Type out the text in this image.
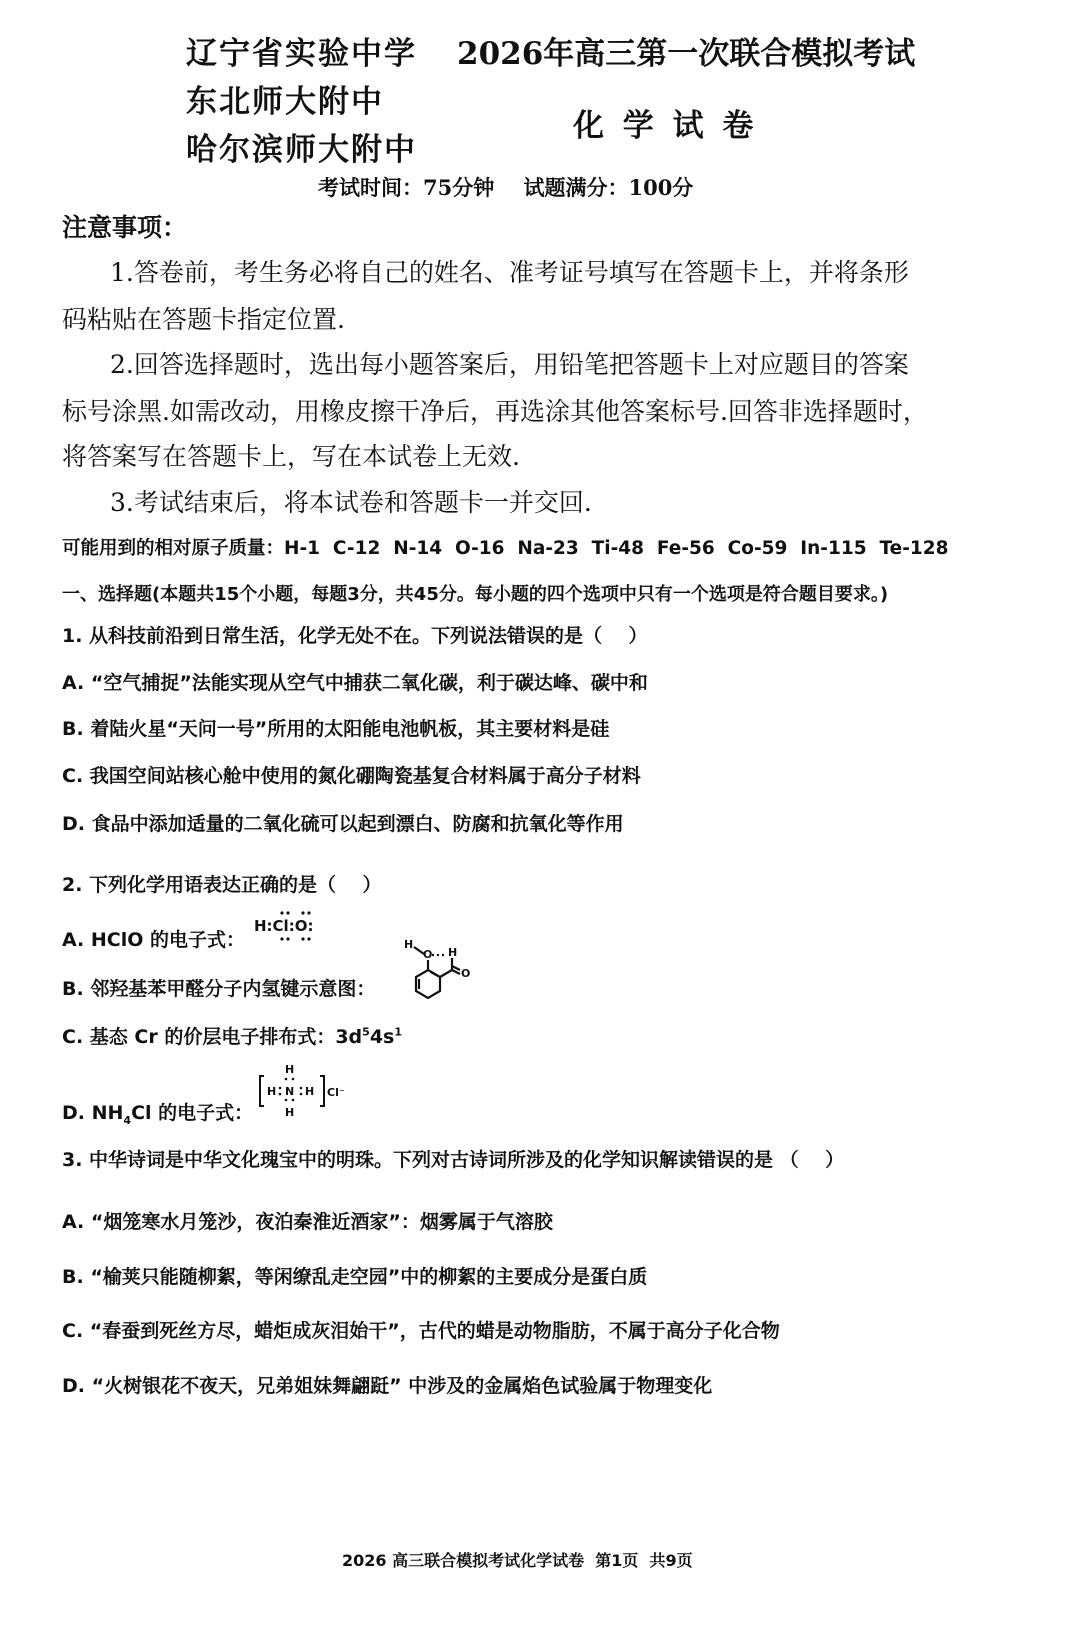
辽宁省实验中学
东北师大附中
哈尔滨师大附中
2026年高三第一次联合模拟考试
化 学 试 卷
考试时间：75分钟    试题满分：100分
注意事项：
1.答卷前，考生务必将自己的姓名、准考证号填写在答题卡上，并将条形
码粘贴在答题卡指定位置.
2.回答选择题时，选出每小题答案后，用铅笔把答题卡上对应题目的答案
标号涂黑.如需改动，用橡皮擦干净后，再选涂其他答案标号.回答非选择题时，
将答案写在答题卡上，写在本试卷上无效.
3.考试结束后，将本试卷和答题卡一并交回.
可能用到的相对原子质量：H-1  C-12  N-14  O-16  Na-23  Ti-48  Fe-56  Co-59  In-115  Te-128
一、选择题(本题共15个小题，每题3分，共45分。每小题的四个选项中只有一个选项是符合题目要求。)
1. 从科技前沿到日常生活，化学无处不在。下列说法错误的是（    ）
A. “空气捕捉”法能实现从空气中捕获二氧化碳，利于碳达峰、碳中和
B. 着陆火星“天问一号”所用的太阳能电池帆板，其主要材料是硅
C. 我国空间站核心舱中使用的氮化硼陶瓷基复合材料属于高分子材料
D. 食品中添加适量的二氧化硫可以起到漂白、防腐和抗氧化等作用
2. 下列化学用语表达正确的是（    ）
A. HClO 的电子式：
H:Cl:O:
B. 邻羟基苯甲醛分子内氢键示意图：
H
O H
O
C. 基态 Cr 的价层电子排布式：$3d^54s^1$
D. $NH_4Cl$ 的电子式：
H
H N H
H
Cl⁻
3. 中华诗词是中华文化瑰宝中的明珠。下列对古诗词所涉及的化学知识解读错误的是 （    ）
A. “烟笼寒水月笼沙，夜泊秦淮近酒家”：烟雾属于气溶胶
B. “榆荚只能随柳絮，等闲缭乱走空园”中的柳絮的主要成分是蛋白质
C. “春蚕到死丝方尽，蜡炬成灰泪始干”，古代的蜡是动物脂肪，不属于高分子化合物
D. “火树银花不夜天，兄弟姐妹舞翩跹” 中涉及的金属焰色试验属于物理变化
2026 高三联合模拟考试化学试卷  第1页  共9页
